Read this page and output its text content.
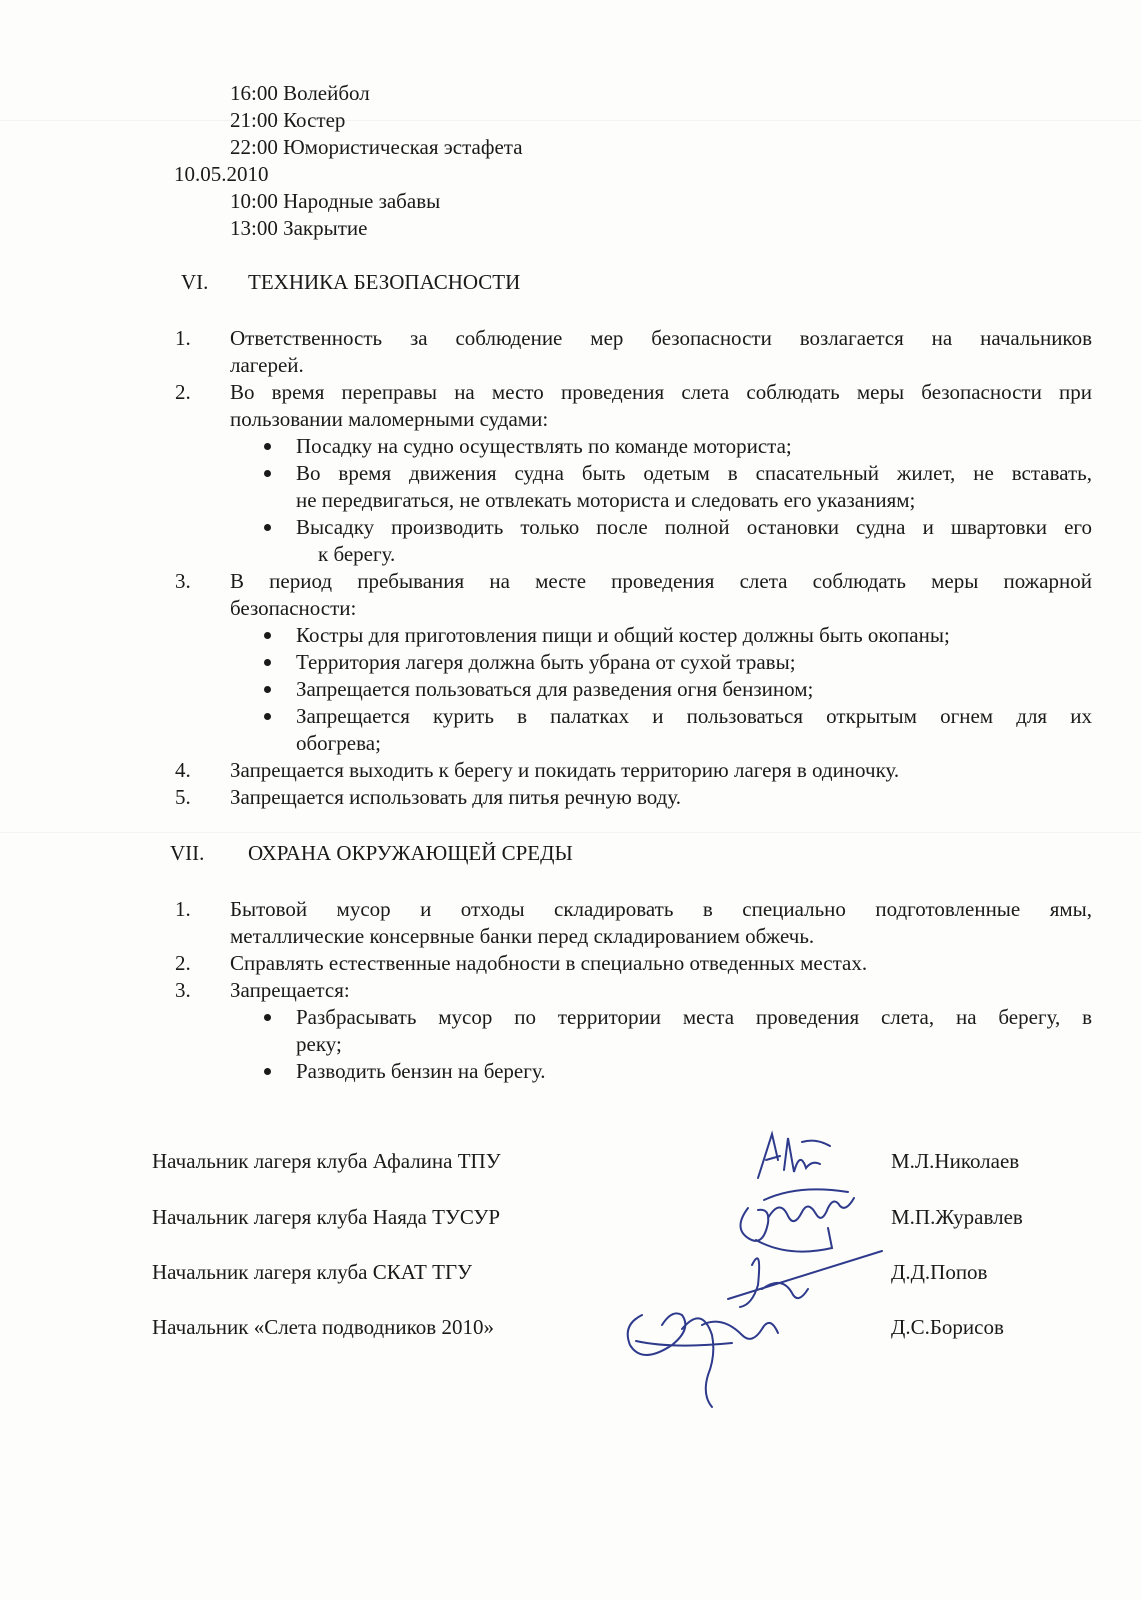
16:00 Волейбол
21:00 Костер
22:00 Юмористическая эстафета
10.05.2010
10:00 Народные забавы
13:00 Закрытие
VI. ТЕХНИКА БЕЗОПАСНОСТИ
1. Ответственность за соблюдение мер безопасности возлагается на начальников
лагерей.
2. Во время переправы на место проведения слета соблюдать меры безопасности при
пользовании маломерными судами:
Посадку на судно осуществлять по команде моториста;
Во время движения судна быть одетым в спасательный жилет, не вставать,
не передвигаться, не отвлекать моториста и следовать его указаниям;
Высадку производить только после полной остановки судна и швартовки его
к берегу.
3. В период пребывания на месте проведения слета соблюдать меры пожарной
безопасности:
Костры для приготовления пищи и общий костер должны быть окопаны;
Территория лагеря должна быть убрана от сухой травы;
Запрещается пользоваться для разведения огня бензином;
Запрещается курить в палатках и пользоваться открытым огнем для их
обогрева;
4. Запрещается выходить к берегу и покидать территорию лагеря в одиночку.
5. Запрещается использовать для питья речную воду.
VII. ОХРАНА ОКРУЖАЮЩЕЙ СРЕДЫ
1. Бытовой мусор и отходы складировать в специально подготовленные ямы,
металлические консервные банки перед складированием обжечь.
2. Справлять естественные надобности в специально отведенных местах.
3. Запрещается:
Разбрасывать мусор по территории места проведения слета, на берегу, в
реку;
Разводить бензин на берегу.
Начальник лагеря клуба Афалина ТПУ	М.Л.Николаев
Начальник лагеря клуба Наяда ТУСУР	М.П.Журавлев
Начальник лагеря клуба СКАТ ТГУ	Д.Д.Попов
Начальник «Слета подводников 2010»	Д.С.Борисов
